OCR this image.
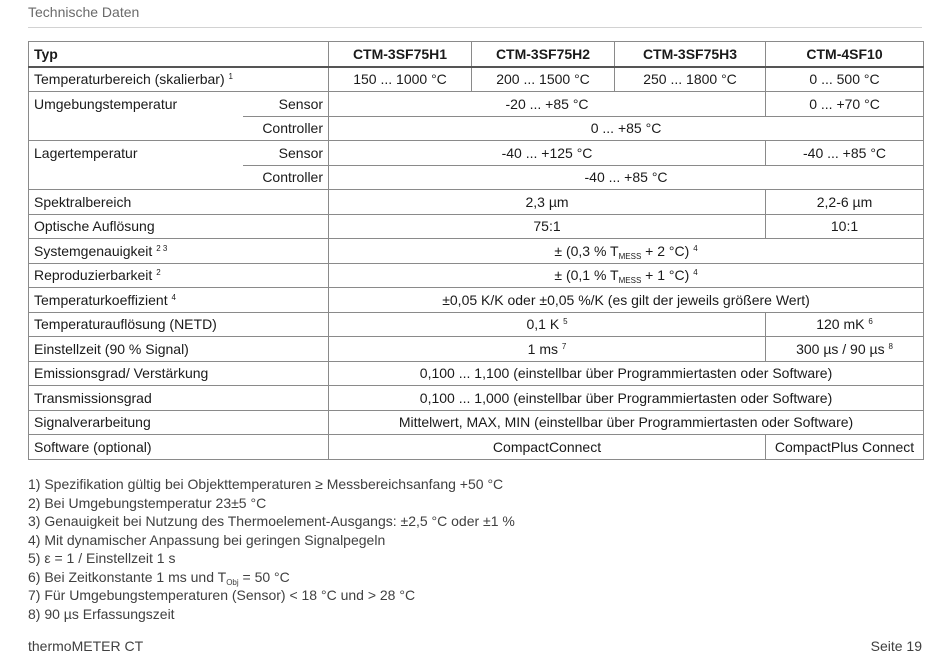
Technische Daten
Typ		CTM-3SF75H1	CTM-3SF75H2	CTM-3SF75H3	CTM-4SF10
Temperaturbereich (skalierbar) $^1$		150 ... 1000 °C	200 ... 1500 °C	250 ... 1800 °C	0 ... 500 °C
Umgebungstemperatur	Sensor	-20 ... +85 °C			0 ... +70 °C
	Controller	0 ... +85 °C			
Lagertemperatur	Sensor	-40 ... +125 °C			-40 ... +85 °C
	Controller	-40 ... +85 °C			
Spektralbereich		2,3 µm			2,2-6 µm
Optische Auflösung		75:1			10:1
Systemgenauigkeit $^{2 3}$		± (0,3 % $T_{MESS} + 2$ °C) $^4$
Reproduzierbarkeit $^2$		± (0,1 % $T_{MESS} + 1$ °C) $^4$
Temperaturkoeffizient $^4$		±0,05 K/K oder ±0,05 %/K (es gilt der jeweils größere Wert)			
Temperaturauflösung (NETD)		0,1 K $^5$			120 mK $^6$
Einstellzeit (90 % Signal)		1 ms $^7$			300 µs / 90 µs $^8$
Emissionsgrad/ Verstärkung		0,100 ... 1,100 (einstellbar über Programmiertasten oder Software)			
Transmissionsgrad		0,100 ... 1,000 (einstellbar über Programmiertasten oder Software)			
Signalverarbeitung		Mittelwert, MAX, MIN (einstellbar über Programmiertasten oder Software)			
Software (optional)		CompactConnect			CompactPlus Connect
1) Spezifikation gültig bei Objekttemperaturen ≥ Messbereichsanfang +50 °C
2) Bei Umgebungstemperatur 23±5 °C
3) Genauigkeit bei Nutzung des Thermoelement-Ausgangs: ±2,5 °C oder ±1 %
4) Mit dynamischer Anpassung bei geringen Signalpegeln
5) ε = 1 / Einstellzeit 1 s
6) Bei Zeitkonstante 1 ms und $T_{Obj} = 50$ °C
7) Für Umgebungstemperaturen (Sensor) < 18 °C und > 28 °C
8) 90 µs Erfassungszeit
thermoMETER CT	Seite 19
